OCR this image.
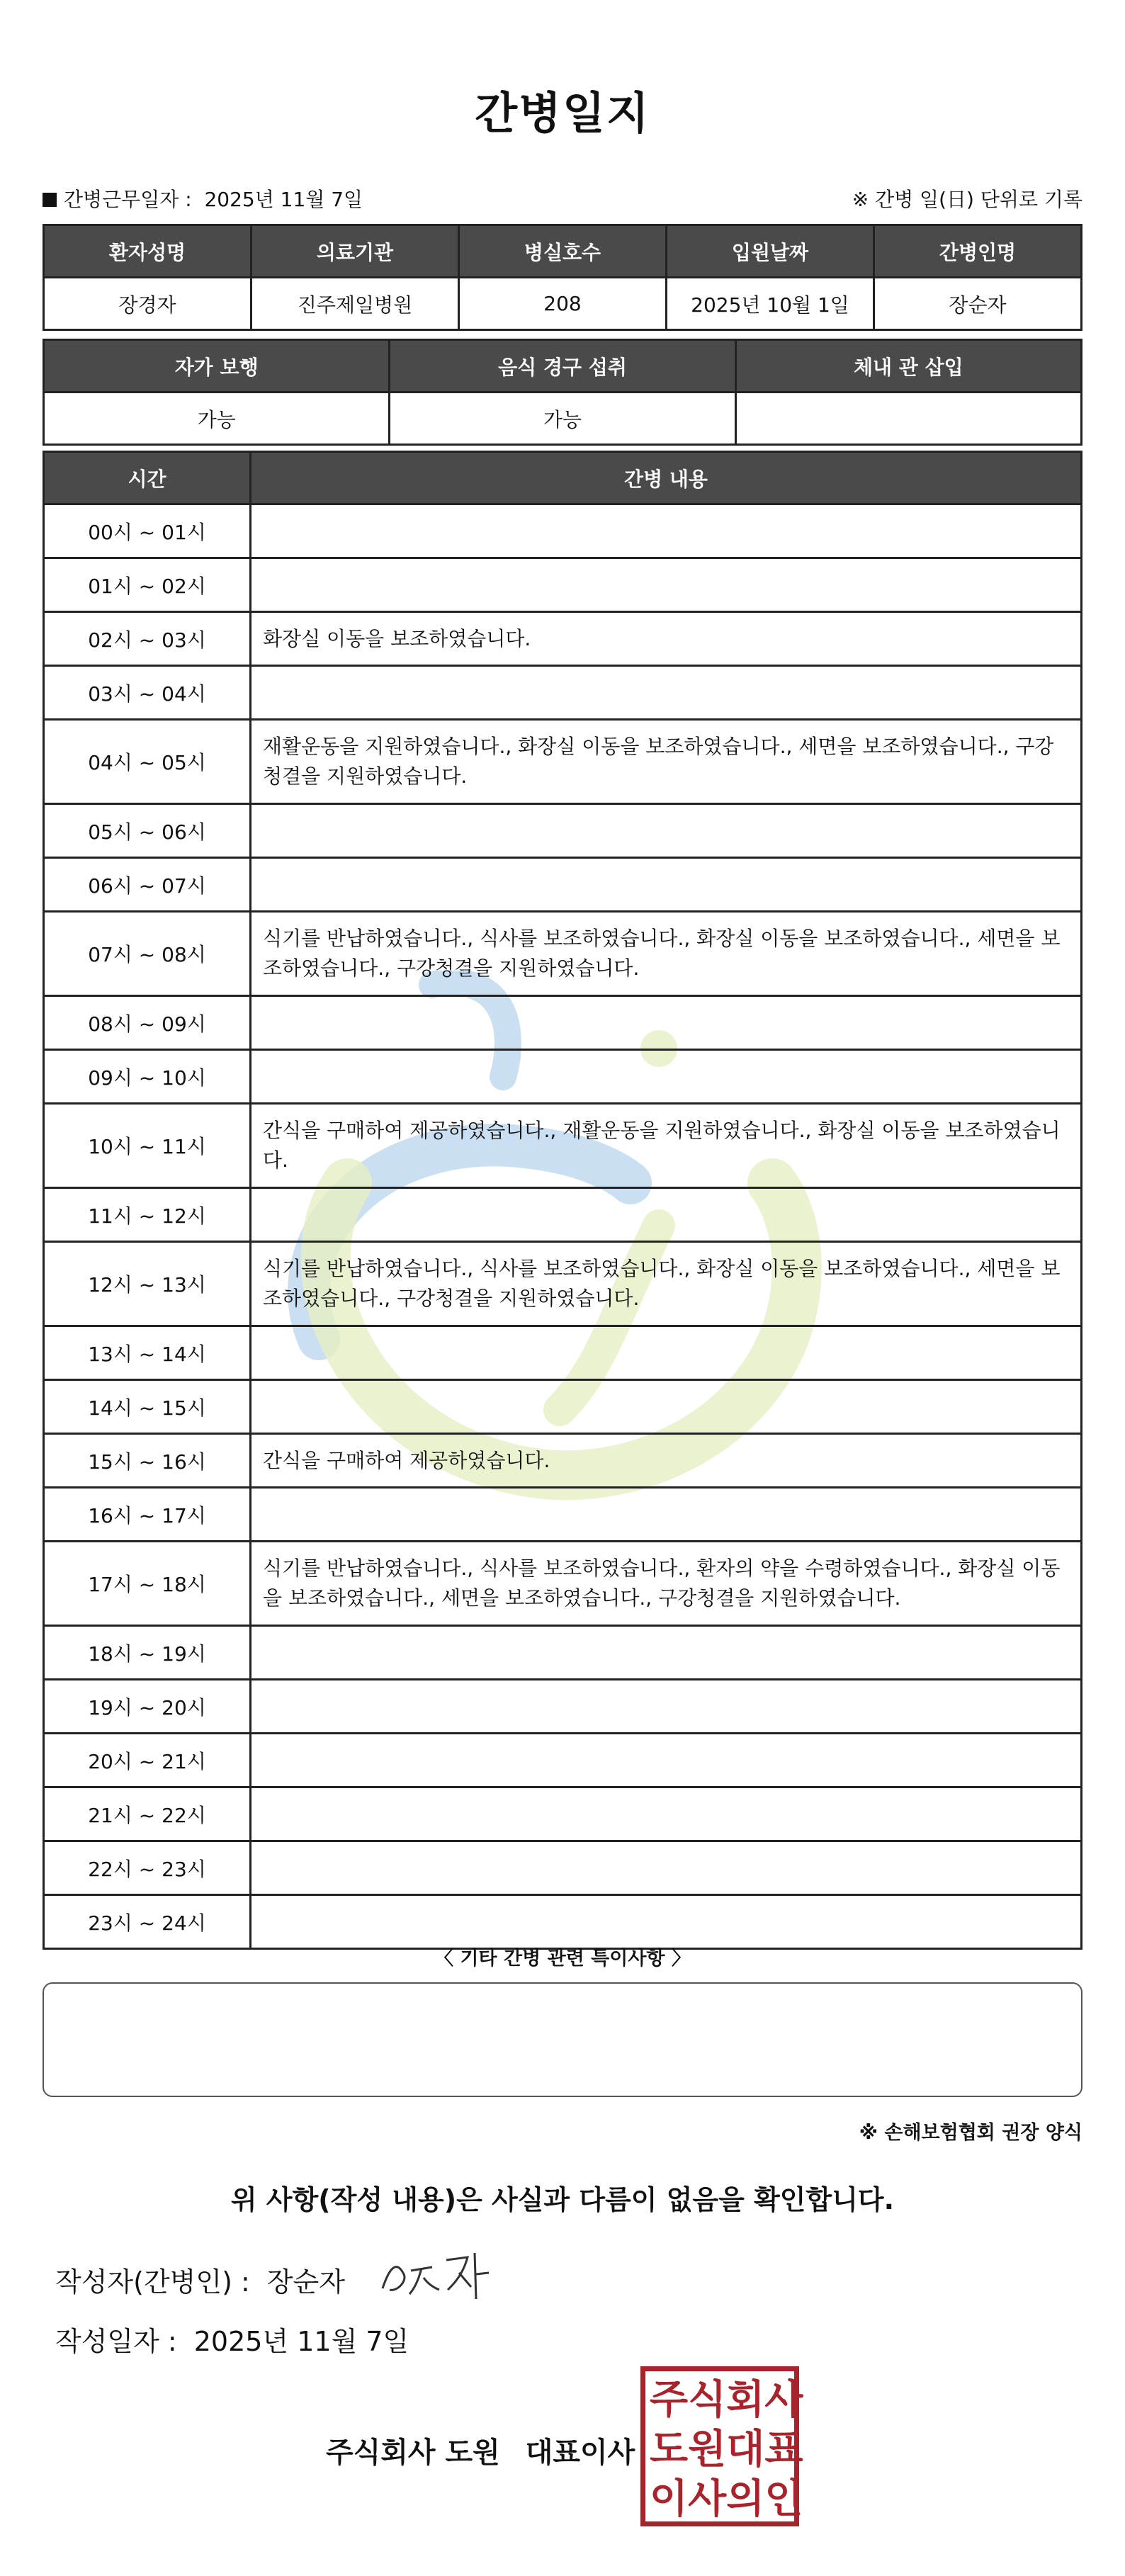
간병일지
간병근무일자 : 2025년 11월 7일	※ 간병 일(日) 단위로 기록
환자성명	의료기관	병실호수	입원날짜	간병인명
장경자	진주제일병원	208	2025년 10월 1일	장순자
자가 보행	음식 경구 섭취	체내 관 삽입
가능	가능	
시간	간병 내용
00시 ~ 01시	
01시 ~ 02시	
02시 ~ 03시	화장실 이동을 보조하였습니다.
03시 ~ 04시	
04시 ~ 05시	재활운동을 지원하였습니다., 화장실 이동을 보조하였습니다., 세면을 보조하였습니다., 구강청결을 지원하였습니다.
05시 ~ 06시	
06시 ~ 07시	
07시 ~ 08시	식기를 반납하였습니다., 식사를 보조하였습니다., 화장실 이동을 보조하였습니다., 세면을 보조하였습니다., 구강청결을 지원하였습니다.
08시 ~ 09시	
09시 ~ 10시	
10시 ~ 11시	간식을 구매하여 제공하였습니다., 재활운동을 지원하였습니다., 화장실 이동을 보조하였습니다.
11시 ~ 12시	
12시 ~ 13시	식기를 반납하였습니다., 식사를 보조하였습니다., 화장실 이동을 보조하였습니다., 세면을 보조하였습니다., 구강청결을 지원하였습니다.
13시 ~ 14시	
14시 ~ 15시	
15시 ~ 16시	간식을 구매하여 제공하였습니다.
16시 ~ 17시	
17시 ~ 18시	식기를 반납하였습니다., 식사를 보조하였습니다., 환자의 약을 수령하였습니다., 화장실 이동을 보조하였습니다., 세면을 보조하였습니다., 구강청결을 지원하였습니다.
18시 ~ 19시	
19시 ~ 20시	
20시 ~ 21시	
21시 ~ 22시	
22시 ~ 23시	
23시 ~ 24시	
〈 기타 간병 관련 특이사항 〉
※ 손해보험협회 권장 양식
위 사항(작성 내용)은 사실과 다름이 없음을 확인합니다.
작성자(간병인) : 장순자
작성일자 : 2025년 11월 7일
주식회사 도원 대표이사
주 식 회 사
도 원 대 표
이 사 의 인
